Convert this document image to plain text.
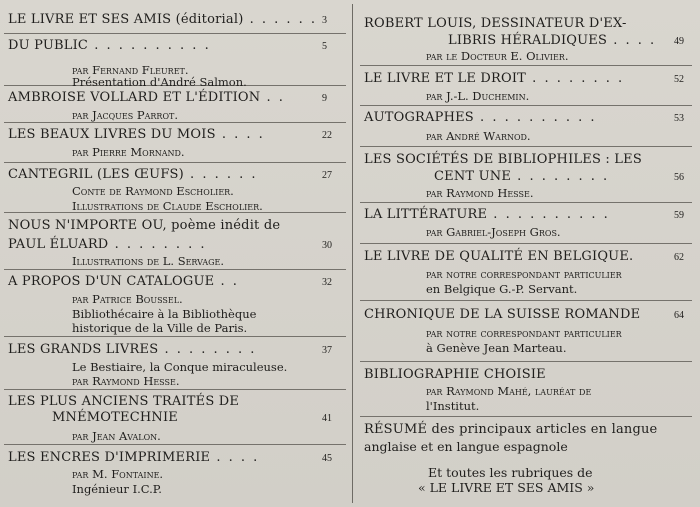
LE LIVRE ET SES AMIS (éditorial) . . . . . . 3
DU PUBLIC . . . . . . . . . .	5
par Fernand Fleuret.
Présentation d'André Salmon.
AMBROISE VOLLARD ET L'ÉDITION . .	9
par Jacques Parrot.
LES BEAUX LIVRES DU MOIS . . . .	22
par Pierre Mornand.
CANTEGRIL (LES ŒUFS) . . . . . .	27
Conte de Raymond Escholier.
Illustrations de Claude Escholier.
NOUS N'IMPORTE OU, poème inédit de
PAUL ÉLUARD . . . . . . . .	30
Illustrations de L. Servage.
A PROPOS D'UN CATALOGUE . .	32
par Patrice Boussel.
Bibliothécaire à la Bibliothèque
historique de la Ville de Paris.
LES GRANDS LIVRES . . . . . . . .	37
Le Bestiaire, la Conque miraculeuse.
par Raymond Hesse.
LES PLUS ANCIENS TRAITÉS DE
MNÉMOTECHNIE	41
par Jean Avalon.
LES ENCRES D'IMPRIMERIE . . . .	45
par M. Fontaine.
Ingénieur I.C.P.
ROBERT LOUIS, DESSINATEUR D'EX-
LIBRIS HÉRALDIQUES . . . . 49
par le Docteur E. Olivier.
LE LIVRE ET LE DROIT . . . . . . . .	52
par J.-L. Duchemin.
AUTOGRAPHES . . . . . . . . . .	53
par André Warnod.
LES SOCIÉTÉS DE BIBLIOPHILES : LES
CENT UNE . . . . . . . .	56
par Raymond Hesse.
LA LITTÉRATURE . . . . . . . . . .	59
par Gabriel-Joseph Gros.
LE LIVRE DE QUALITÉ EN BELGIQUE.	62
par notre correspondant particulier
en Belgique G.-P. Servant.
CHRONIQUE DE LA SUISSE ROMANDE	64
par notre correspondant particulier
à Genève Jean Marteau.
BIBLIOGRAPHIE CHOISIE
par Raymond Mahé, lauréat de
l'Institut.
RÉSUMÉ des principaux articles en langue
anglaise et en langue espagnole
Et toutes les rubriques de
« LE LIVRE ET SES AMIS »
